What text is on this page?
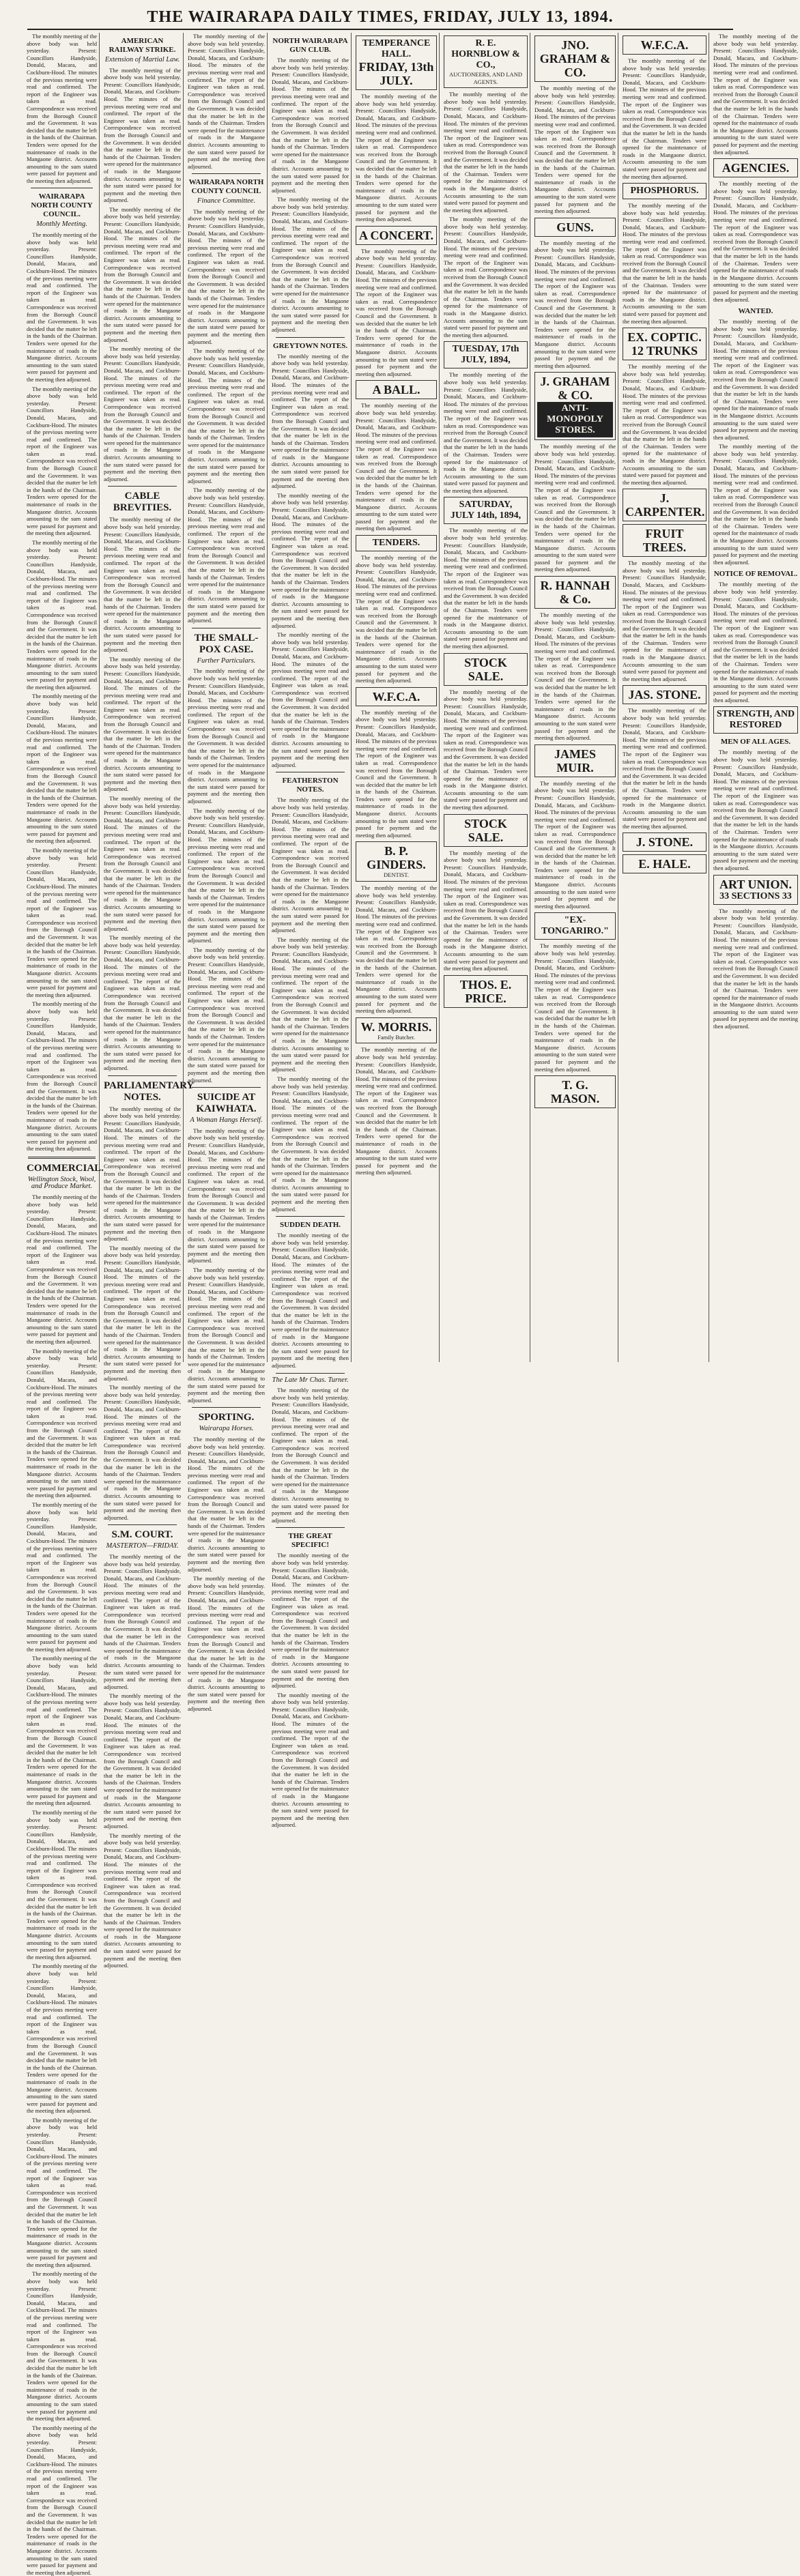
THE WAIRARAPA DAILY TIMES, FRIDAY, JULY 13, 1894.
The monthly meeting of the above body was held yesterday. Present: Councillors Handyside, Donald, Macara, and Cockburn-Hood. The minutes of the previous meeting were read and confirmed. The report of the Engineer was taken as read. Correspondence was received from the Borough Council and the Government. It was decided that the matter be left in the hands of the Chairman. Tenders were opened for the maintenance of roads in the Mangaone district. Accounts amounting to the sum stated were passed for payment and the meeting then adjourned.
WAIRARAPA NORTH COUNTY COUNCIL.
Monthly Meeting.
The monthly meeting of the above body was held yesterday. Present: Councillors Handyside, Donald, Macara, and Cockburn-Hood. The minutes of the previous meeting were read and confirmed. The report of the Engineer was taken as read. Correspondence was received from the Borough Council and the Government. It was decided that the matter be left in the hands of the Chairman. Tenders were opened for the maintenance of roads in the Mangaone district. Accounts amounting to the sum stated were passed for payment and the meeting then adjourned.
The monthly meeting of the above body was held yesterday. Present: Councillors Handyside, Donald, Macara, and Cockburn-Hood. The minutes of the previous meeting were read and confirmed. The report of the Engineer was taken as read. Correspondence was received from the Borough Council and the Government. It was decided that the matter be left in the hands of the Chairman. Tenders were opened for the maintenance of roads in the Mangaone district. Accounts amounting to the sum stated were passed for payment and the meeting then adjourned.
The monthly meeting of the above body was held yesterday. Present: Councillors Handyside, Donald, Macara, and Cockburn-Hood. The minutes of the previous meeting were read and confirmed. The report of the Engineer was taken as read. Correspondence was received from the Borough Council and the Government. It was decided that the matter be left in the hands of the Chairman. Tenders were opened for the maintenance of roads in the Mangaone district. Accounts amounting to the sum stated were passed for payment and the meeting then adjourned.
The monthly meeting of the above body was held yesterday. Present: Councillors Handyside, Donald, Macara, and Cockburn-Hood. The minutes of the previous meeting were read and confirmed. The report of the Engineer was taken as read. Correspondence was received from the Borough Council and the Government. It was decided that the matter be left in the hands of the Chairman. Tenders were opened for the maintenance of roads in the Mangaone district. Accounts amounting to the sum stated were passed for payment and the meeting then adjourned.
The monthly meeting of the above body was held yesterday. Present: Councillors Handyside, Donald, Macara, and Cockburn-Hood. The minutes of the previous meeting were read and confirmed. The report of the Engineer was taken as read. Correspondence was received from the Borough Council and the Government. It was decided that the matter be left in the hands of the Chairman. Tenders were opened for the maintenance of roads in the Mangaone district. Accounts amounting to the sum stated were passed for payment and the meeting then adjourned.
The monthly meeting of the above body was held yesterday. Present: Councillors Handyside, Donald, Macara, and Cockburn-Hood. The minutes of the previous meeting were read and confirmed. The report of the Engineer was taken as read. Correspondence was received from the Borough Council and the Government. It was decided that the matter be left in the hands of the Chairman. Tenders were opened for the maintenance of roads in the Mangaone district. Accounts amounting to the sum stated were passed for payment and the meeting then adjourned.
COMMERCIAL.
Wellington Stock, Wool, and Produce Market.
The monthly meeting of the above body was held yesterday. Present: Councillors Handyside, Donald, Macara, and Cockburn-Hood. The minutes of the previous meeting were read and confirmed. The report of the Engineer was taken as read. Correspondence was received from the Borough Council and the Government. It was decided that the matter be left in the hands of the Chairman. Tenders were opened for the maintenance of roads in the Mangaone district. Accounts amounting to the sum stated were passed for payment and the meeting then adjourned.
The monthly meeting of the above body was held yesterday. Present: Councillors Handyside, Donald, Macara, and Cockburn-Hood. The minutes of the previous meeting were read and confirmed. The report of the Engineer was taken as read. Correspondence was received from the Borough Council and the Government. It was decided that the matter be left in the hands of the Chairman. Tenders were opened for the maintenance of roads in the Mangaone district. Accounts amounting to the sum stated were passed for payment and the meeting then adjourned.
The monthly meeting of the above body was held yesterday. Present: Councillors Handyside, Donald, Macara, and Cockburn-Hood. The minutes of the previous meeting were read and confirmed. The report of the Engineer was taken as read. Correspondence was received from the Borough Council and the Government. It was decided that the matter be left in the hands of the Chairman. Tenders were opened for the maintenance of roads in the Mangaone district. Accounts amounting to the sum stated were passed for payment and the meeting then adjourned.
The monthly meeting of the above body was held yesterday. Present: Councillors Handyside, Donald, Macara, and Cockburn-Hood. The minutes of the previous meeting were read and confirmed. The report of the Engineer was taken as read. Correspondence was received from the Borough Council and the Government. It was decided that the matter be left in the hands of the Chairman. Tenders were opened for the maintenance of roads in the Mangaone district. Accounts amounting to the sum stated were passed for payment and the meeting then adjourned.
The monthly meeting of the above body was held yesterday. Present: Councillors Handyside, Donald, Macara, and Cockburn-Hood. The minutes of the previous meeting were read and confirmed. The report of the Engineer was taken as read. Correspondence was received from the Borough Council and the Government. It was decided that the matter be left in the hands of the Chairman. Tenders were opened for the maintenance of roads in the Mangaone district. Accounts amounting to the sum stated were passed for payment and the meeting then adjourned.
The monthly meeting of the above body was held yesterday. Present: Councillors Handyside, Donald, Macara, and Cockburn-Hood. The minutes of the previous meeting were read and confirmed. The report of the Engineer was taken as read. Correspondence was received from the Borough Council and the Government. It was decided that the matter be left in the hands of the Chairman. Tenders were opened for the maintenance of roads in the Mangaone district. Accounts amounting to the sum stated were passed for payment and the meeting then adjourned.
The monthly meeting of the above body was held yesterday. Present: Councillors Handyside, Donald, Macara, and Cockburn-Hood. The minutes of the previous meeting were read and confirmed. The report of the Engineer was taken as read. Correspondence was received from the Borough Council and the Government. It was decided that the matter be left in the hands of the Chairman. Tenders were opened for the maintenance of roads in the Mangaone district. Accounts amounting to the sum stated were passed for payment and the meeting then adjourned.
The monthly meeting of the above body was held yesterday. Present: Councillors Handyside, Donald, Macara, and Cockburn-Hood. The minutes of the previous meeting were read and confirmed. The report of the Engineer was taken as read. Correspondence was received from the Borough Council and the Government. It was decided that the matter be left in the hands of the Chairman. Tenders were opened for the maintenance of roads in the Mangaone district. Accounts amounting to the sum stated were passed for payment and the meeting then adjourned.
The monthly meeting of the above body was held yesterday. Present: Councillors Handyside, Donald, Macara, and Cockburn-Hood. The minutes of the previous meeting were read and confirmed. The report of the Engineer was taken as read. Correspondence was received from the Borough Council and the Government. It was decided that the matter be left in the hands of the Chairman. Tenders were opened for the maintenance of roads in the Mangaone district. Accounts amounting to the sum stated were passed for payment and the meeting then adjourned.
AMERICAN RAILWAY STRIKE.
Extension of Martial Law.
The monthly meeting of the above body was held yesterday. Present: Councillors Handyside, Donald, Macara, and Cockburn-Hood. The minutes of the previous meeting were read and confirmed. The report of the Engineer was taken as read. Correspondence was received from the Borough Council and the Government. It was decided that the matter be left in the hands of the Chairman. Tenders were opened for the maintenance of roads in the Mangaone district. Accounts amounting to the sum stated were passed for payment and the meeting then adjourned.
The monthly meeting of the above body was held yesterday. Present: Councillors Handyside, Donald, Macara, and Cockburn-Hood. The minutes of the previous meeting were read and confirmed. The report of the Engineer was taken as read. Correspondence was received from the Borough Council and the Government. It was decided that the matter be left in the hands of the Chairman. Tenders were opened for the maintenance of roads in the Mangaone district. Accounts amounting to the sum stated were passed for payment and the meeting then adjourned.
The monthly meeting of the above body was held yesterday. Present: Councillors Handyside, Donald, Macara, and Cockburn-Hood. The minutes of the previous meeting were read and confirmed. The report of the Engineer was taken as read. Correspondence was received from the Borough Council and the Government. It was decided that the matter be left in the hands of the Chairman. Tenders were opened for the maintenance of roads in the Mangaone district. Accounts amounting to the sum stated were passed for payment and the meeting then adjourned.
CABLE BREVITIES.
The monthly meeting of the above body was held yesterday. Present: Councillors Handyside, Donald, Macara, and Cockburn-Hood. The minutes of the previous meeting were read and confirmed. The report of the Engineer was taken as read. Correspondence was received from the Borough Council and the Government. It was decided that the matter be left in the hands of the Chairman. Tenders were opened for the maintenance of roads in the Mangaone district. Accounts amounting to the sum stated were passed for payment and the meeting then adjourned.
The monthly meeting of the above body was held yesterday. Present: Councillors Handyside, Donald, Macara, and Cockburn-Hood. The minutes of the previous meeting were read and confirmed. The report of the Engineer was taken as read. Correspondence was received from the Borough Council and the Government. It was decided that the matter be left in the hands of the Chairman. Tenders were opened for the maintenance of roads in the Mangaone district. Accounts amounting to the sum stated were passed for payment and the meeting then adjourned.
The monthly meeting of the above body was held yesterday. Present: Councillors Handyside, Donald, Macara, and Cockburn-Hood. The minutes of the previous meeting were read and confirmed. The report of the Engineer was taken as read. Correspondence was received from the Borough Council and the Government. It was decided that the matter be left in the hands of the Chairman. Tenders were opened for the maintenance of roads in the Mangaone district. Accounts amounting to the sum stated were passed for payment and the meeting then adjourned.
The monthly meeting of the above body was held yesterday. Present: Councillors Handyside, Donald, Macara, and Cockburn-Hood. The minutes of the previous meeting were read and confirmed. The report of the Engineer was taken as read. Correspondence was received from the Borough Council and the Government. It was decided that the matter be left in the hands of the Chairman. Tenders were opened for the maintenance of roads in the Mangaone district. Accounts amounting to the sum stated were passed for payment and the meeting then adjourned.
PARLIAMENTARY NOTES.
The monthly meeting of the above body was held yesterday. Present: Councillors Handyside, Donald, Macara, and Cockburn-Hood. The minutes of the previous meeting were read and confirmed. The report of the Engineer was taken as read. Correspondence was received from the Borough Council and the Government. It was decided that the matter be left in the hands of the Chairman. Tenders were opened for the maintenance of roads in the Mangaone district. Accounts amounting to the sum stated were passed for payment and the meeting then adjourned.
The monthly meeting of the above body was held yesterday. Present: Councillors Handyside, Donald, Macara, and Cockburn-Hood. The minutes of the previous meeting were read and confirmed. The report of the Engineer was taken as read. Correspondence was received from the Borough Council and the Government. It was decided that the matter be left in the hands of the Chairman. Tenders were opened for the maintenance of roads in the Mangaone district. Accounts amounting to the sum stated were passed for payment and the meeting then adjourned.
The monthly meeting of the above body was held yesterday. Present: Councillors Handyside, Donald, Macara, and Cockburn-Hood. The minutes of the previous meeting were read and confirmed. The report of the Engineer was taken as read. Correspondence was received from the Borough Council and the Government. It was decided that the matter be left in the hands of the Chairman. Tenders were opened for the maintenance of roads in the Mangaone district. Accounts amounting to the sum stated were passed for payment and the meeting then adjourned.
S.M. COURT.
MASTERTON—FRIDAY.
The monthly meeting of the above body was held yesterday. Present: Councillors Handyside, Donald, Macara, and Cockburn-Hood. The minutes of the previous meeting were read and confirmed. The report of the Engineer was taken as read. Correspondence was received from the Borough Council and the Government. It was decided that the matter be left in the hands of the Chairman. Tenders were opened for the maintenance of roads in the Mangaone district. Accounts amounting to the sum stated were passed for payment and the meeting then adjourned.
The monthly meeting of the above body was held yesterday. Present: Councillors Handyside, Donald, Macara, and Cockburn-Hood. The minutes of the previous meeting were read and confirmed. The report of the Engineer was taken as read. Correspondence was received from the Borough Council and the Government. It was decided that the matter be left in the hands of the Chairman. Tenders were opened for the maintenance of roads in the Mangaone district. Accounts amounting to the sum stated were passed for payment and the meeting then adjourned.
The monthly meeting of the above body was held yesterday. Present: Councillors Handyside, Donald, Macara, and Cockburn-Hood. The minutes of the previous meeting were read and confirmed. The report of the Engineer was taken as read. Correspondence was received from the Borough Council and the Government. It was decided that the matter be left in the hands of the Chairman. Tenders were opened for the maintenance of roads in the Mangaone district. Accounts amounting to the sum stated were passed for payment and the meeting then adjourned.
The monthly meeting of the above body was held yesterday. Present: Councillors Handyside, Donald, Macara, and Cockburn-Hood. The minutes of the previous meeting were read and confirmed. The report of the Engineer was taken as read. Correspondence was received from the Borough Council and the Government. It was decided that the matter be left in the hands of the Chairman. Tenders were opened for the maintenance of roads in the Mangaone district. Accounts amounting to the sum stated were passed for payment and the meeting then adjourned.
WAIRARAPA NORTH COUNTY COUNCIL
Finance Committee.
The monthly meeting of the above body was held yesterday. Present: Councillors Handyside, Donald, Macara, and Cockburn-Hood. The minutes of the previous meeting were read and confirmed. The report of the Engineer was taken as read. Correspondence was received from the Borough Council and the Government. It was decided that the matter be left in the hands of the Chairman. Tenders were opened for the maintenance of roads in the Mangaone district. Accounts amounting to the sum stated were passed for payment and the meeting then adjourned.
The monthly meeting of the above body was held yesterday. Present: Councillors Handyside, Donald, Macara, and Cockburn-Hood. The minutes of the previous meeting were read and confirmed. The report of the Engineer was taken as read. Correspondence was received from the Borough Council and the Government. It was decided that the matter be left in the hands of the Chairman. Tenders were opened for the maintenance of roads in the Mangaone district. Accounts amounting to the sum stated were passed for payment and the meeting then adjourned.
The monthly meeting of the above body was held yesterday. Present: Councillors Handyside, Donald, Macara, and Cockburn-Hood. The minutes of the previous meeting were read and confirmed. The report of the Engineer was taken as read. Correspondence was received from the Borough Council and the Government. It was decided that the matter be left in the hands of the Chairman. Tenders were opened for the maintenance of roads in the Mangaone district. Accounts amounting to the sum stated were passed for payment and the meeting then adjourned.
THE SMALL-POX CASE.
Further Particulars.
The monthly meeting of the above body was held yesterday. Present: Councillors Handyside, Donald, Macara, and Cockburn-Hood. The minutes of the previous meeting were read and confirmed. The report of the Engineer was taken as read. Correspondence was received from the Borough Council and the Government. It was decided that the matter be left in the hands of the Chairman. Tenders were opened for the maintenance of roads in the Mangaone district. Accounts amounting to the sum stated were passed for payment and the meeting then adjourned.
The monthly meeting of the above body was held yesterday. Present: Councillors Handyside, Donald, Macara, and Cockburn-Hood. The minutes of the previous meeting were read and confirmed. The report of the Engineer was taken as read. Correspondence was received from the Borough Council and the Government. It was decided that the matter be left in the hands of the Chairman. Tenders were opened for the maintenance of roads in the Mangaone district. Accounts amounting to the sum stated were passed for payment and the meeting then adjourned.
The monthly meeting of the above body was held yesterday. Present: Councillors Handyside, Donald, Macara, and Cockburn-Hood. The minutes of the previous meeting were read and confirmed. The report of the Engineer was taken as read. Correspondence was received from the Borough Council and the Government. It was decided that the matter be left in the hands of the Chairman. Tenders were opened for the maintenance of roads in the Mangaone district. Accounts amounting to the sum stated were passed for payment and the meeting then adjourned.
SUICIDE AT KAIWHATA.
A Woman Hangs Herself.
The monthly meeting of the above body was held yesterday. Present: Councillors Handyside, Donald, Macara, and Cockburn-Hood. The minutes of the previous meeting were read and confirmed. The report of the Engineer was taken as read. Correspondence was received from the Borough Council and the Government. It was decided that the matter be left in the hands of the Chairman. Tenders were opened for the maintenance of roads in the Mangaone district. Accounts amounting to the sum stated were passed for payment and the meeting then adjourned.
The monthly meeting of the above body was held yesterday. Present: Councillors Handyside, Donald, Macara, and Cockburn-Hood. The minutes of the previous meeting were read and confirmed. The report of the Engineer was taken as read. Correspondence was received from the Borough Council and the Government. It was decided that the matter be left in the hands of the Chairman. Tenders were opened for the maintenance of roads in the Mangaone district. Accounts amounting to the sum stated were passed for payment and the meeting then adjourned.
SPORTING.
Wairarapa Horses.
The monthly meeting of the above body was held yesterday. Present: Councillors Handyside, Donald, Macara, and Cockburn-Hood. The minutes of the previous meeting were read and confirmed. The report of the Engineer was taken as read. Correspondence was received from the Borough Council and the Government. It was decided that the matter be left in the hands of the Chairman. Tenders were opened for the maintenance of roads in the Mangaone district. Accounts amounting to the sum stated were passed for payment and the meeting then adjourned.
The monthly meeting of the above body was held yesterday. Present: Councillors Handyside, Donald, Macara, and Cockburn-Hood. The minutes of the previous meeting were read and confirmed. The report of the Engineer was taken as read. Correspondence was received from the Borough Council and the Government. It was decided that the matter be left in the hands of the Chairman. Tenders were opened for the maintenance of roads in the Mangaone district. Accounts amounting to the sum stated were passed for payment and the meeting then adjourned.
NORTH WAIRARAPA GUN CLUB.
The monthly meeting of the above body was held yesterday. Present: Councillors Handyside, Donald, Macara, and Cockburn-Hood. The minutes of the previous meeting were read and confirmed. The report of the Engineer was taken as read. Correspondence was received from the Borough Council and the Government. It was decided that the matter be left in the hands of the Chairman. Tenders were opened for the maintenance of roads in the Mangaone district. Accounts amounting to the sum stated were passed for payment and the meeting then adjourned.
The monthly meeting of the above body was held yesterday. Present: Councillors Handyside, Donald, Macara, and Cockburn-Hood. The minutes of the previous meeting were read and confirmed. The report of the Engineer was taken as read. Correspondence was received from the Borough Council and the Government. It was decided that the matter be left in the hands of the Chairman. Tenders were opened for the maintenance of roads in the Mangaone district. Accounts amounting to the sum stated were passed for payment and the meeting then adjourned.
GREYTOWN NOTES.
The monthly meeting of the above body was held yesterday. Present: Councillors Handyside, Donald, Macara, and Cockburn-Hood. The minutes of the previous meeting were read and confirmed. The report of the Engineer was taken as read. Correspondence was received from the Borough Council and the Government. It was decided that the matter be left in the hands of the Chairman. Tenders were opened for the maintenance of roads in the Mangaone district. Accounts amounting to the sum stated were passed for payment and the meeting then adjourned.
The monthly meeting of the above body was held yesterday. Present: Councillors Handyside, Donald, Macara, and Cockburn-Hood. The minutes of the previous meeting were read and confirmed. The report of the Engineer was taken as read. Correspondence was received from the Borough Council and the Government. It was decided that the matter be left in the hands of the Chairman. Tenders were opened for the maintenance of roads in the Mangaone district. Accounts amounting to the sum stated were passed for payment and the meeting then adjourned.
The monthly meeting of the above body was held yesterday. Present: Councillors Handyside, Donald, Macara, and Cockburn-Hood. The minutes of the previous meeting were read and confirmed. The report of the Engineer was taken as read. Correspondence was received from the Borough Council and the Government. It was decided that the matter be left in the hands of the Chairman. Tenders were opened for the maintenance of roads in the Mangaone district. Accounts amounting to the sum stated were passed for payment and the meeting then adjourned.
FEATHERSTON NOTES.
The monthly meeting of the above body was held yesterday. Present: Councillors Handyside, Donald, Macara, and Cockburn-Hood. The minutes of the previous meeting were read and confirmed. The report of the Engineer was taken as read. Correspondence was received from the Borough Council and the Government. It was decided that the matter be left in the hands of the Chairman. Tenders were opened for the maintenance of roads in the Mangaone district. Accounts amounting to the sum stated were passed for payment and the meeting then adjourned.
The monthly meeting of the above body was held yesterday. Present: Councillors Handyside, Donald, Macara, and Cockburn-Hood. The minutes of the previous meeting were read and confirmed. The report of the Engineer was taken as read. Correspondence was received from the Borough Council and the Government. It was decided that the matter be left in the hands of the Chairman. Tenders were opened for the maintenance of roads in the Mangaone district. Accounts amounting to the sum stated were passed for payment and the meeting then adjourned.
The monthly meeting of the above body was held yesterday. Present: Councillors Handyside, Donald, Macara, and Cockburn-Hood. The minutes of the previous meeting were read and confirmed. The report of the Engineer was taken as read. Correspondence was received from the Borough Council and the Government. It was decided that the matter be left in the hands of the Chairman. Tenders were opened for the maintenance of roads in the Mangaone district. Accounts amounting to the sum stated were passed for payment and the meeting then adjourned.
SUDDEN DEATH.
The monthly meeting of the above body was held yesterday. Present: Councillors Handyside, Donald, Macara, and Cockburn-Hood. The minutes of the previous meeting were read and confirmed. The report of the Engineer was taken as read. Correspondence was received from the Borough Council and the Government. It was decided that the matter be left in the hands of the Chairman. Tenders were opened for the maintenance of roads in the Mangaone district. Accounts amounting to the sum stated were passed for payment and the meeting then adjourned.
The Late Mr Chas. Turner.
The monthly meeting of the above body was held yesterday. Present: Councillors Handyside, Donald, Macara, and Cockburn-Hood. The minutes of the previous meeting were read and confirmed. The report of the Engineer was taken as read. Correspondence was received from the Borough Council and the Government. It was decided that the matter be left in the hands of the Chairman. Tenders were opened for the maintenance of roads in the Mangaone district. Accounts amounting to the sum stated were passed for payment and the meeting then adjourned.
THE GREAT SPECIFIC!
The monthly meeting of the above body was held yesterday. Present: Councillors Handyside, Donald, Macara, and Cockburn-Hood. The minutes of the previous meeting were read and confirmed. The report of the Engineer was taken as read. Correspondence was received from the Borough Council and the Government. It was decided that the matter be left in the hands of the Chairman. Tenders were opened for the maintenance of roads in the Mangaone district. Accounts amounting to the sum stated were passed for payment and the meeting then adjourned.
The monthly meeting of the above body was held yesterday. Present: Councillors Handyside, Donald, Macara, and Cockburn-Hood. The minutes of the previous meeting were read and confirmed. The report of the Engineer was taken as read. Correspondence was received from the Borough Council and the Government. It was decided that the matter be left in the hands of the Chairman. Tenders were opened for the maintenance of roads in the Mangaone district. Accounts amounting to the sum stated were passed for payment and the meeting then adjourned.
TEMPERANCE HALL.
FRIDAY, 13th JULY.
The monthly meeting of the above body was held yesterday. Present: Councillors Handyside, Donald, Macara, and Cockburn-Hood. The minutes of the previous meeting were read and confirmed. The report of the Engineer was taken as read. Correspondence was received from the Borough Council and the Government. It was decided that the matter be left in the hands of the Chairman. Tenders were opened for the maintenance of roads in the Mangaone district. Accounts amounting to the sum stated were passed for payment and the meeting then adjourned.
A CONCERT.
The monthly meeting of the above body was held yesterday. Present: Councillors Handyside, Donald, Macara, and Cockburn-Hood. The minutes of the previous meeting were read and confirmed. The report of the Engineer was taken as read. Correspondence was received from the Borough Council and the Government. It was decided that the matter be left in the hands of the Chairman. Tenders were opened for the maintenance of roads in the Mangaone district. Accounts amounting to the sum stated were passed for payment and the meeting then adjourned.
A BALL.
The monthly meeting of the above body was held yesterday. Present: Councillors Handyside, Donald, Macara, and Cockburn-Hood. The minutes of the previous meeting were read and confirmed. The report of the Engineer was taken as read. Correspondence was received from the Borough Council and the Government. It was decided that the matter be left in the hands of the Chairman. Tenders were opened for the maintenance of roads in the Mangaone district. Accounts amounting to the sum stated were passed for payment and the meeting then adjourned.
TENDERS.
The monthly meeting of the above body was held yesterday. Present: Councillors Handyside, Donald, Macara, and Cockburn-Hood. The minutes of the previous meeting were read and confirmed. The report of the Engineer was taken as read. Correspondence was received from the Borough Council and the Government. It was decided that the matter be left in the hands of the Chairman. Tenders were opened for the maintenance of roads in the Mangaone district. Accounts amounting to the sum stated were passed for payment and the meeting then adjourned.
W.F.C.A.
The monthly meeting of the above body was held yesterday. Present: Councillors Handyside, Donald, Macara, and Cockburn-Hood. The minutes of the previous meeting were read and confirmed. The report of the Engineer was taken as read. Correspondence was received from the Borough Council and the Government. It was decided that the matter be left in the hands of the Chairman. Tenders were opened for the maintenance of roads in the Mangaone district. Accounts amounting to the sum stated were passed for payment and the meeting then adjourned.
B. P. GINDERS.
DENTIST.
The monthly meeting of the above body was held yesterday. Present: Councillors Handyside, Donald, Macara, and Cockburn-Hood. The minutes of the previous meeting were read and confirmed. The report of the Engineer was taken as read. Correspondence was received from the Borough Council and the Government. It was decided that the matter be left in the hands of the Chairman. Tenders were opened for the maintenance of roads in the Mangaone district. Accounts amounting to the sum stated were passed for payment and the meeting then adjourned.
W. MORRIS.
Family Butcher.
The monthly meeting of the above body was held yesterday. Present: Councillors Handyside, Donald, Macara, and Cockburn-Hood. The minutes of the previous meeting were read and confirmed. The report of the Engineer was taken as read. Correspondence was received from the Borough Council and the Government. It was decided that the matter be left in the hands of the Chairman. Tenders were opened for the maintenance of roads in the Mangaone district. Accounts amounting to the sum stated were passed for payment and the meeting then adjourned.
R. E. HORNBLOW & CO.,
AUCTIONEERS, AND LAND AGENTS.
The monthly meeting of the above body was held yesterday. Present: Councillors Handyside, Donald, Macara, and Cockburn-Hood. The minutes of the previous meeting were read and confirmed. The report of the Engineer was taken as read. Correspondence was received from the Borough Council and the Government. It was decided that the matter be left in the hands of the Chairman. Tenders were opened for the maintenance of roads in the Mangaone district. Accounts amounting to the sum stated were passed for payment and the meeting then adjourned.
The monthly meeting of the above body was held yesterday. Present: Councillors Handyside, Donald, Macara, and Cockburn-Hood. The minutes of the previous meeting were read and confirmed. The report of the Engineer was taken as read. Correspondence was received from the Borough Council and the Government. It was decided that the matter be left in the hands of the Chairman. Tenders were opened for the maintenance of roads in the Mangaone district. Accounts amounting to the sum stated were passed for payment and the meeting then adjourned.
TUESDAY, 17th JULY, 1894,
The monthly meeting of the above body was held yesterday. Present: Councillors Handyside, Donald, Macara, and Cockburn-Hood. The minutes of the previous meeting were read and confirmed. The report of the Engineer was taken as read. Correspondence was received from the Borough Council and the Government. It was decided that the matter be left in the hands of the Chairman. Tenders were opened for the maintenance of roads in the Mangaone district. Accounts amounting to the sum stated were passed for payment and the meeting then adjourned.
SATURDAY, JULY 14th, 1894,
The monthly meeting of the above body was held yesterday. Present: Councillors Handyside, Donald, Macara, and Cockburn-Hood. The minutes of the previous meeting were read and confirmed. The report of the Engineer was taken as read. Correspondence was received from the Borough Council and the Government. It was decided that the matter be left in the hands of the Chairman. Tenders were opened for the maintenance of roads in the Mangaone district. Accounts amounting to the sum stated were passed for payment and the meeting then adjourned.
STOCK SALE.
The monthly meeting of the above body was held yesterday. Present: Councillors Handyside, Donald, Macara, and Cockburn-Hood. The minutes of the previous meeting were read and confirmed. The report of the Engineer was taken as read. Correspondence was received from the Borough Council and the Government. It was decided that the matter be left in the hands of the Chairman. Tenders were opened for the maintenance of roads in the Mangaone district. Accounts amounting to the sum stated were passed for payment and the meeting then adjourned.
STOCK SALE.
The monthly meeting of the above body was held yesterday. Present: Councillors Handyside, Donald, Macara, and Cockburn-Hood. The minutes of the previous meeting were read and confirmed. The report of the Engineer was taken as read. Correspondence was received from the Borough Council and the Government. It was decided that the matter be left in the hands of the Chairman. Tenders were opened for the maintenance of roads in the Mangaone district. Accounts amounting to the sum stated were passed for payment and the meeting then adjourned.
THOS. E. PRICE.
JNO. GRAHAM & CO.
The monthly meeting of the above body was held yesterday. Present: Councillors Handyside, Donald, Macara, and Cockburn-Hood. The minutes of the previous meeting were read and confirmed. The report of the Engineer was taken as read. Correspondence was received from the Borough Council and the Government. It was decided that the matter be left in the hands of the Chairman. Tenders were opened for the maintenance of roads in the Mangaone district. Accounts amounting to the sum stated were passed for payment and the meeting then adjourned.
GUNS.
The monthly meeting of the above body was held yesterday. Present: Councillors Handyside, Donald, Macara, and Cockburn-Hood. The minutes of the previous meeting were read and confirmed. The report of the Engineer was taken as read. Correspondence was received from the Borough Council and the Government. It was decided that the matter be left in the hands of the Chairman. Tenders were opened for the maintenance of roads in the Mangaone district. Accounts amounting to the sum stated were passed for payment and the meeting then adjourned.
J. GRAHAM & CO.
ANTI-MONOPOLY STORES.
The monthly meeting of the above body was held yesterday. Present: Councillors Handyside, Donald, Macara, and Cockburn-Hood. The minutes of the previous meeting were read and confirmed. The report of the Engineer was taken as read. Correspondence was received from the Borough Council and the Government. It was decided that the matter be left in the hands of the Chairman. Tenders were opened for the maintenance of roads in the Mangaone district. Accounts amounting to the sum stated were passed for payment and the meeting then adjourned.
R. HANNAH & Co.
The monthly meeting of the above body was held yesterday. Present: Councillors Handyside, Donald, Macara, and Cockburn-Hood. The minutes of the previous meeting were read and confirmed. The report of the Engineer was taken as read. Correspondence was received from the Borough Council and the Government. It was decided that the matter be left in the hands of the Chairman. Tenders were opened for the maintenance of roads in the Mangaone district. Accounts amounting to the sum stated were passed for payment and the meeting then adjourned.
JAMES MUIR.
The monthly meeting of the above body was held yesterday. Present: Councillors Handyside, Donald, Macara, and Cockburn-Hood. The minutes of the previous meeting were read and confirmed. The report of the Engineer was taken as read. Correspondence was received from the Borough Council and the Government. It was decided that the matter be left in the hands of the Chairman. Tenders were opened for the maintenance of roads in the Mangaone district. Accounts amounting to the sum stated were passed for payment and the meeting then adjourned.
"EX-TONGARIRO."
The monthly meeting of the above body was held yesterday. Present: Councillors Handyside, Donald, Macara, and Cockburn-Hood. The minutes of the previous meeting were read and confirmed. The report of the Engineer was taken as read. Correspondence was received from the Borough Council and the Government. It was decided that the matter be left in the hands of the Chairman. Tenders were opened for the maintenance of roads in the Mangaone district. Accounts amounting to the sum stated were passed for payment and the meeting then adjourned.
T. G. MASON.
W.F.C.A.
The monthly meeting of the above body was held yesterday. Present: Councillors Handyside, Donald, Macara, and Cockburn-Hood. The minutes of the previous meeting were read and confirmed. The report of the Engineer was taken as read. Correspondence was received from the Borough Council and the Government. It was decided that the matter be left in the hands of the Chairman. Tenders were opened for the maintenance of roads in the Mangaone district. Accounts amounting to the sum stated were passed for payment and the meeting then adjourned.
PHOSPHORUS.
The monthly meeting of the above body was held yesterday. Present: Councillors Handyside, Donald, Macara, and Cockburn-Hood. The minutes of the previous meeting were read and confirmed. The report of the Engineer was taken as read. Correspondence was received from the Borough Council and the Government. It was decided that the matter be left in the hands of the Chairman. Tenders were opened for the maintenance of roads in the Mangaone district. Accounts amounting to the sum stated were passed for payment and the meeting then adjourned.
EX. COPTIC.
12 TRUNKS
The monthly meeting of the above body was held yesterday. Present: Councillors Handyside, Donald, Macara, and Cockburn-Hood. The minutes of the previous meeting were read and confirmed. The report of the Engineer was taken as read. Correspondence was received from the Borough Council and the Government. It was decided that the matter be left in the hands of the Chairman. Tenders were opened for the maintenance of roads in the Mangaone district. Accounts amounting to the sum stated were passed for payment and the meeting then adjourned.
J. CARPENTER.
FRUIT TREES.
The monthly meeting of the above body was held yesterday. Present: Councillors Handyside, Donald, Macara, and Cockburn-Hood. The minutes of the previous meeting were read and confirmed. The report of the Engineer was taken as read. Correspondence was received from the Borough Council and the Government. It was decided that the matter be left in the hands of the Chairman. Tenders were opened for the maintenance of roads in the Mangaone district. Accounts amounting to the sum stated were passed for payment and the meeting then adjourned.
JAS. STONE.
The monthly meeting of the above body was held yesterday. Present: Councillors Handyside, Donald, Macara, and Cockburn-Hood. The minutes of the previous meeting were read and confirmed. The report of the Engineer was taken as read. Correspondence was received from the Borough Council and the Government. It was decided that the matter be left in the hands of the Chairman. Tenders were opened for the maintenance of roads in the Mangaone district. Accounts amounting to the sum stated were passed for payment and the meeting then adjourned.
J. STONE.
E. HALE.
The monthly meeting of the above body was held yesterday. Present: Councillors Handyside, Donald, Macara, and Cockburn-Hood. The minutes of the previous meeting were read and confirmed. The report of the Engineer was taken as read. Correspondence was received from the Borough Council and the Government. It was decided that the matter be left in the hands of the Chairman. Tenders were opened for the maintenance of roads in the Mangaone district. Accounts amounting to the sum stated were passed for payment and the meeting then adjourned.
AGENCIES.
The monthly meeting of the above body was held yesterday. Present: Councillors Handyside, Donald, Macara, and Cockburn-Hood. The minutes of the previous meeting were read and confirmed. The report of the Engineer was taken as read. Correspondence was received from the Borough Council and the Government. It was decided that the matter be left in the hands of the Chairman. Tenders were opened for the maintenance of roads in the Mangaone district. Accounts amounting to the sum stated were passed for payment and the meeting then adjourned.
WANTED.
The monthly meeting of the above body was held yesterday. Present: Councillors Handyside, Donald, Macara, and Cockburn-Hood. The minutes of the previous meeting were read and confirmed. The report of the Engineer was taken as read. Correspondence was received from the Borough Council and the Government. It was decided that the matter be left in the hands of the Chairman. Tenders were opened for the maintenance of roads in the Mangaone district. Accounts amounting to the sum stated were passed for payment and the meeting then adjourned.
The monthly meeting of the above body was held yesterday. Present: Councillors Handyside, Donald, Macara, and Cockburn-Hood. The minutes of the previous meeting were read and confirmed. The report of the Engineer was taken as read. Correspondence was received from the Borough Council and the Government. It was decided that the matter be left in the hands of the Chairman. Tenders were opened for the maintenance of roads in the Mangaone district. Accounts amounting to the sum stated were passed for payment and the meeting then adjourned.
NOTICE OF REMOVAL.
The monthly meeting of the above body was held yesterday. Present: Councillors Handyside, Donald, Macara, and Cockburn-Hood. The minutes of the previous meeting were read and confirmed. The report of the Engineer was taken as read. Correspondence was received from the Borough Council and the Government. It was decided that the matter be left in the hands of the Chairman. Tenders were opened for the maintenance of roads in the Mangaone district. Accounts amounting to the sum stated were passed for payment and the meeting then adjourned.
STRENGTH, AND RESTORED
MEN OF ALL AGES.
The monthly meeting of the above body was held yesterday. Present: Councillors Handyside, Donald, Macara, and Cockburn-Hood. The minutes of the previous meeting were read and confirmed. The report of the Engineer was taken as read. Correspondence was received from the Borough Council and the Government. It was decided that the matter be left in the hands of the Chairman. Tenders were opened for the maintenance of roads in the Mangaone district. Accounts amounting to the sum stated were passed for payment and the meeting then adjourned.
ART UNION.
33 SECTIONS 33
The monthly meeting of the above body was held yesterday. Present: Councillors Handyside, Donald, Macara, and Cockburn-Hood. The minutes of the previous meeting were read and confirmed. The report of the Engineer was taken as read. Correspondence was received from the Borough Council and the Government. It was decided that the matter be left in the hands of the Chairman. Tenders were opened for the maintenance of roads in the Mangaone district. Accounts amounting to the sum stated were passed for payment and the meeting then adjourned.
